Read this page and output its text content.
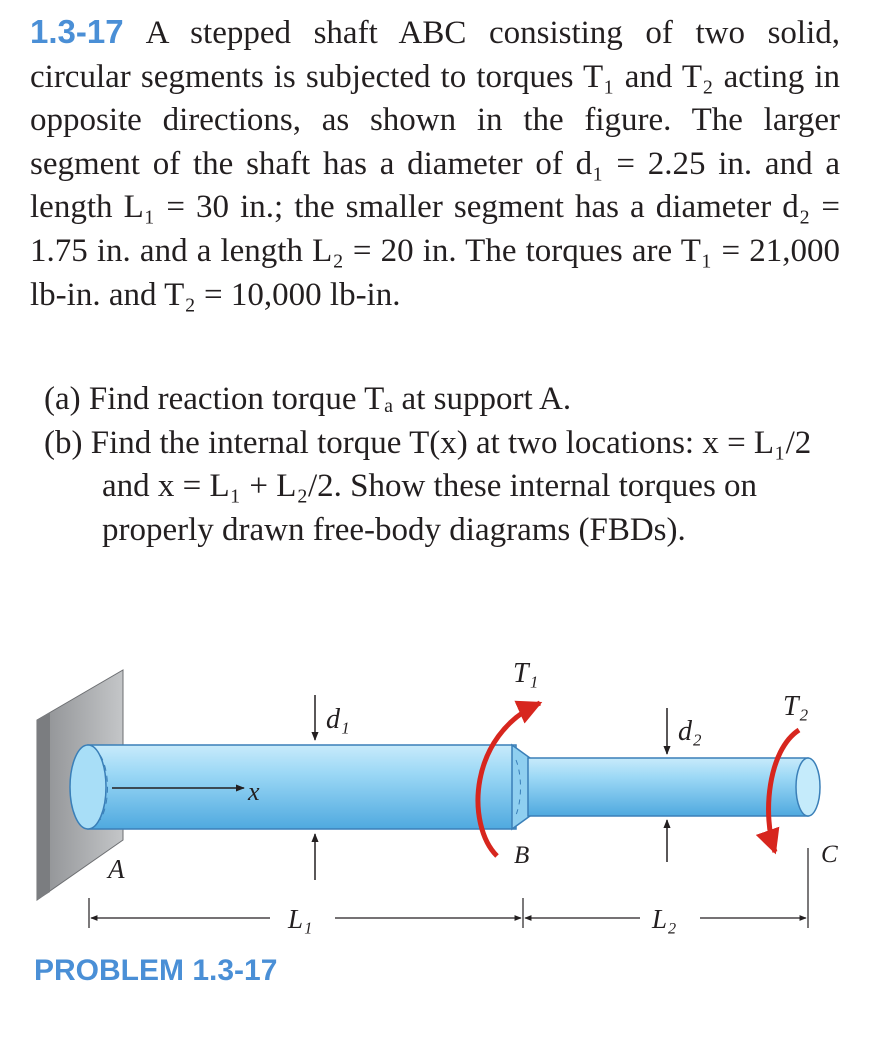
1.3-17 A stepped shaft ABC consisting of two solid, circular segments is subjected to torques T₁ and T₂ acting in opposite directions, as shown in the figure. The larger segment of the shaft has a diameter of d₁ = 2.25 in. and a length L₁ = 30 in.; the smaller segment has a diameter d₂ = 1.75 in. and a length L₂ = 20 in. The torques are T₁ = 21,000 lb-in. and T₂ = 10,000 lb-in.
(a) Find reaction torque Tₐ at support A.
(b) Find the internal torque T(x) at two locations: x = L₁/2 and x = L₁ + L₂/2. Show these internal torques on properly drawn free-body diagrams (FBDs).
x
d₁	d₂
T₁
T₂
A	B	C
L₁	L₂
PROBLEM 1.3-17
